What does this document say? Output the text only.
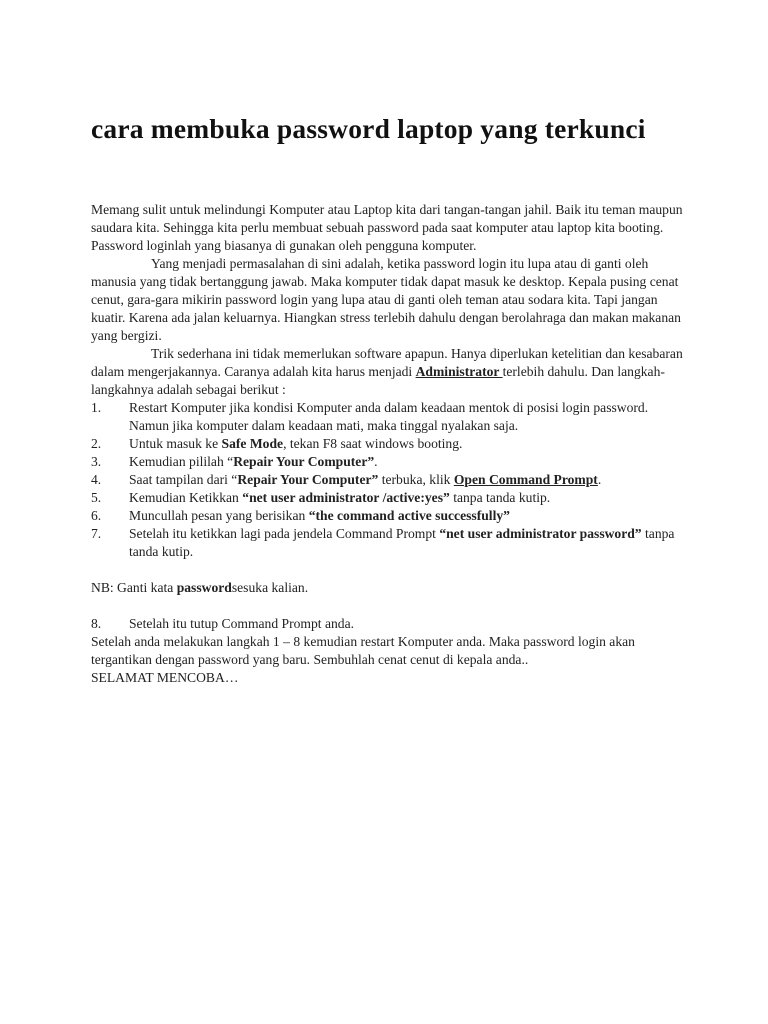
cara membuka password laptop yang terkunci

Memang sulit untuk melindungi Komputer atau Laptop kita dari tangan-tangan jahil. Baik itu teman maupun saudara kita. Sehingga kita perlu membuat sebuah password pada saat komputer atau laptop kita booting. Password loginlah yang biasanya di gunakan oleh pengguna komputer.

Yang menjadi permasalahan di sini adalah, ketika password login itu lupa atau di ganti oleh manusia yang tidak bertanggung jawab. Maka komputer tidak dapat masuk ke desktop. Kepala pusing cenat cenut, gara-gara mikirin password login yang lupa atau di ganti oleh teman atau sodara kita. Tapi jangan kuatir. Karena ada jalan keluarnya. Hiangkan stress terlebih dahulu dengan berolahraga dan makan makanan yang bergizi.

Trik sederhana ini tidak memerlukan software apapun. Hanya diperlukan ketelitian dan kesabaran dalam mengerjakannya. Caranya adalah kita harus menjadi Administrator terlebih dahulu. Dan langkah-langkahnya adalah sebagai berikut :

1.	Restart Komputer jika kondisi Komputer anda dalam keadaan mentok di posisi login password. Namun jika komputer dalam keadaan mati, maka tinggal nyalakan saja.
2.	Untuk masuk ke Safe Mode, tekan F8 saat windows booting.
3.	Kemudian pililah “Repair Your Computer”.
4.	Saat tampilan dari “Repair Your Computer” terbuka, klik Open Command Prompt.
5.	Kemudian Ketikkan “net user administrator /active:yes” tanpa tanda kutip.
6.	Muncullah pesan yang berisikan “the command active successfully”
7.	Setelah itu ketikkan lagi pada jendela Command Prompt “net user administrator password” tanpa tanda kutip.

NB: Ganti kata passwordsesuka kalian.

8.	Setelah itu tutup Command Prompt anda.

Setelah anda melakukan langkah 1 – 8 kemudian restart Komputer anda. Maka password login akan tergantikan dengan password yang baru. Sembuhlah cenat cenut di kepala anda..

SELAMAT MENCOBA…
